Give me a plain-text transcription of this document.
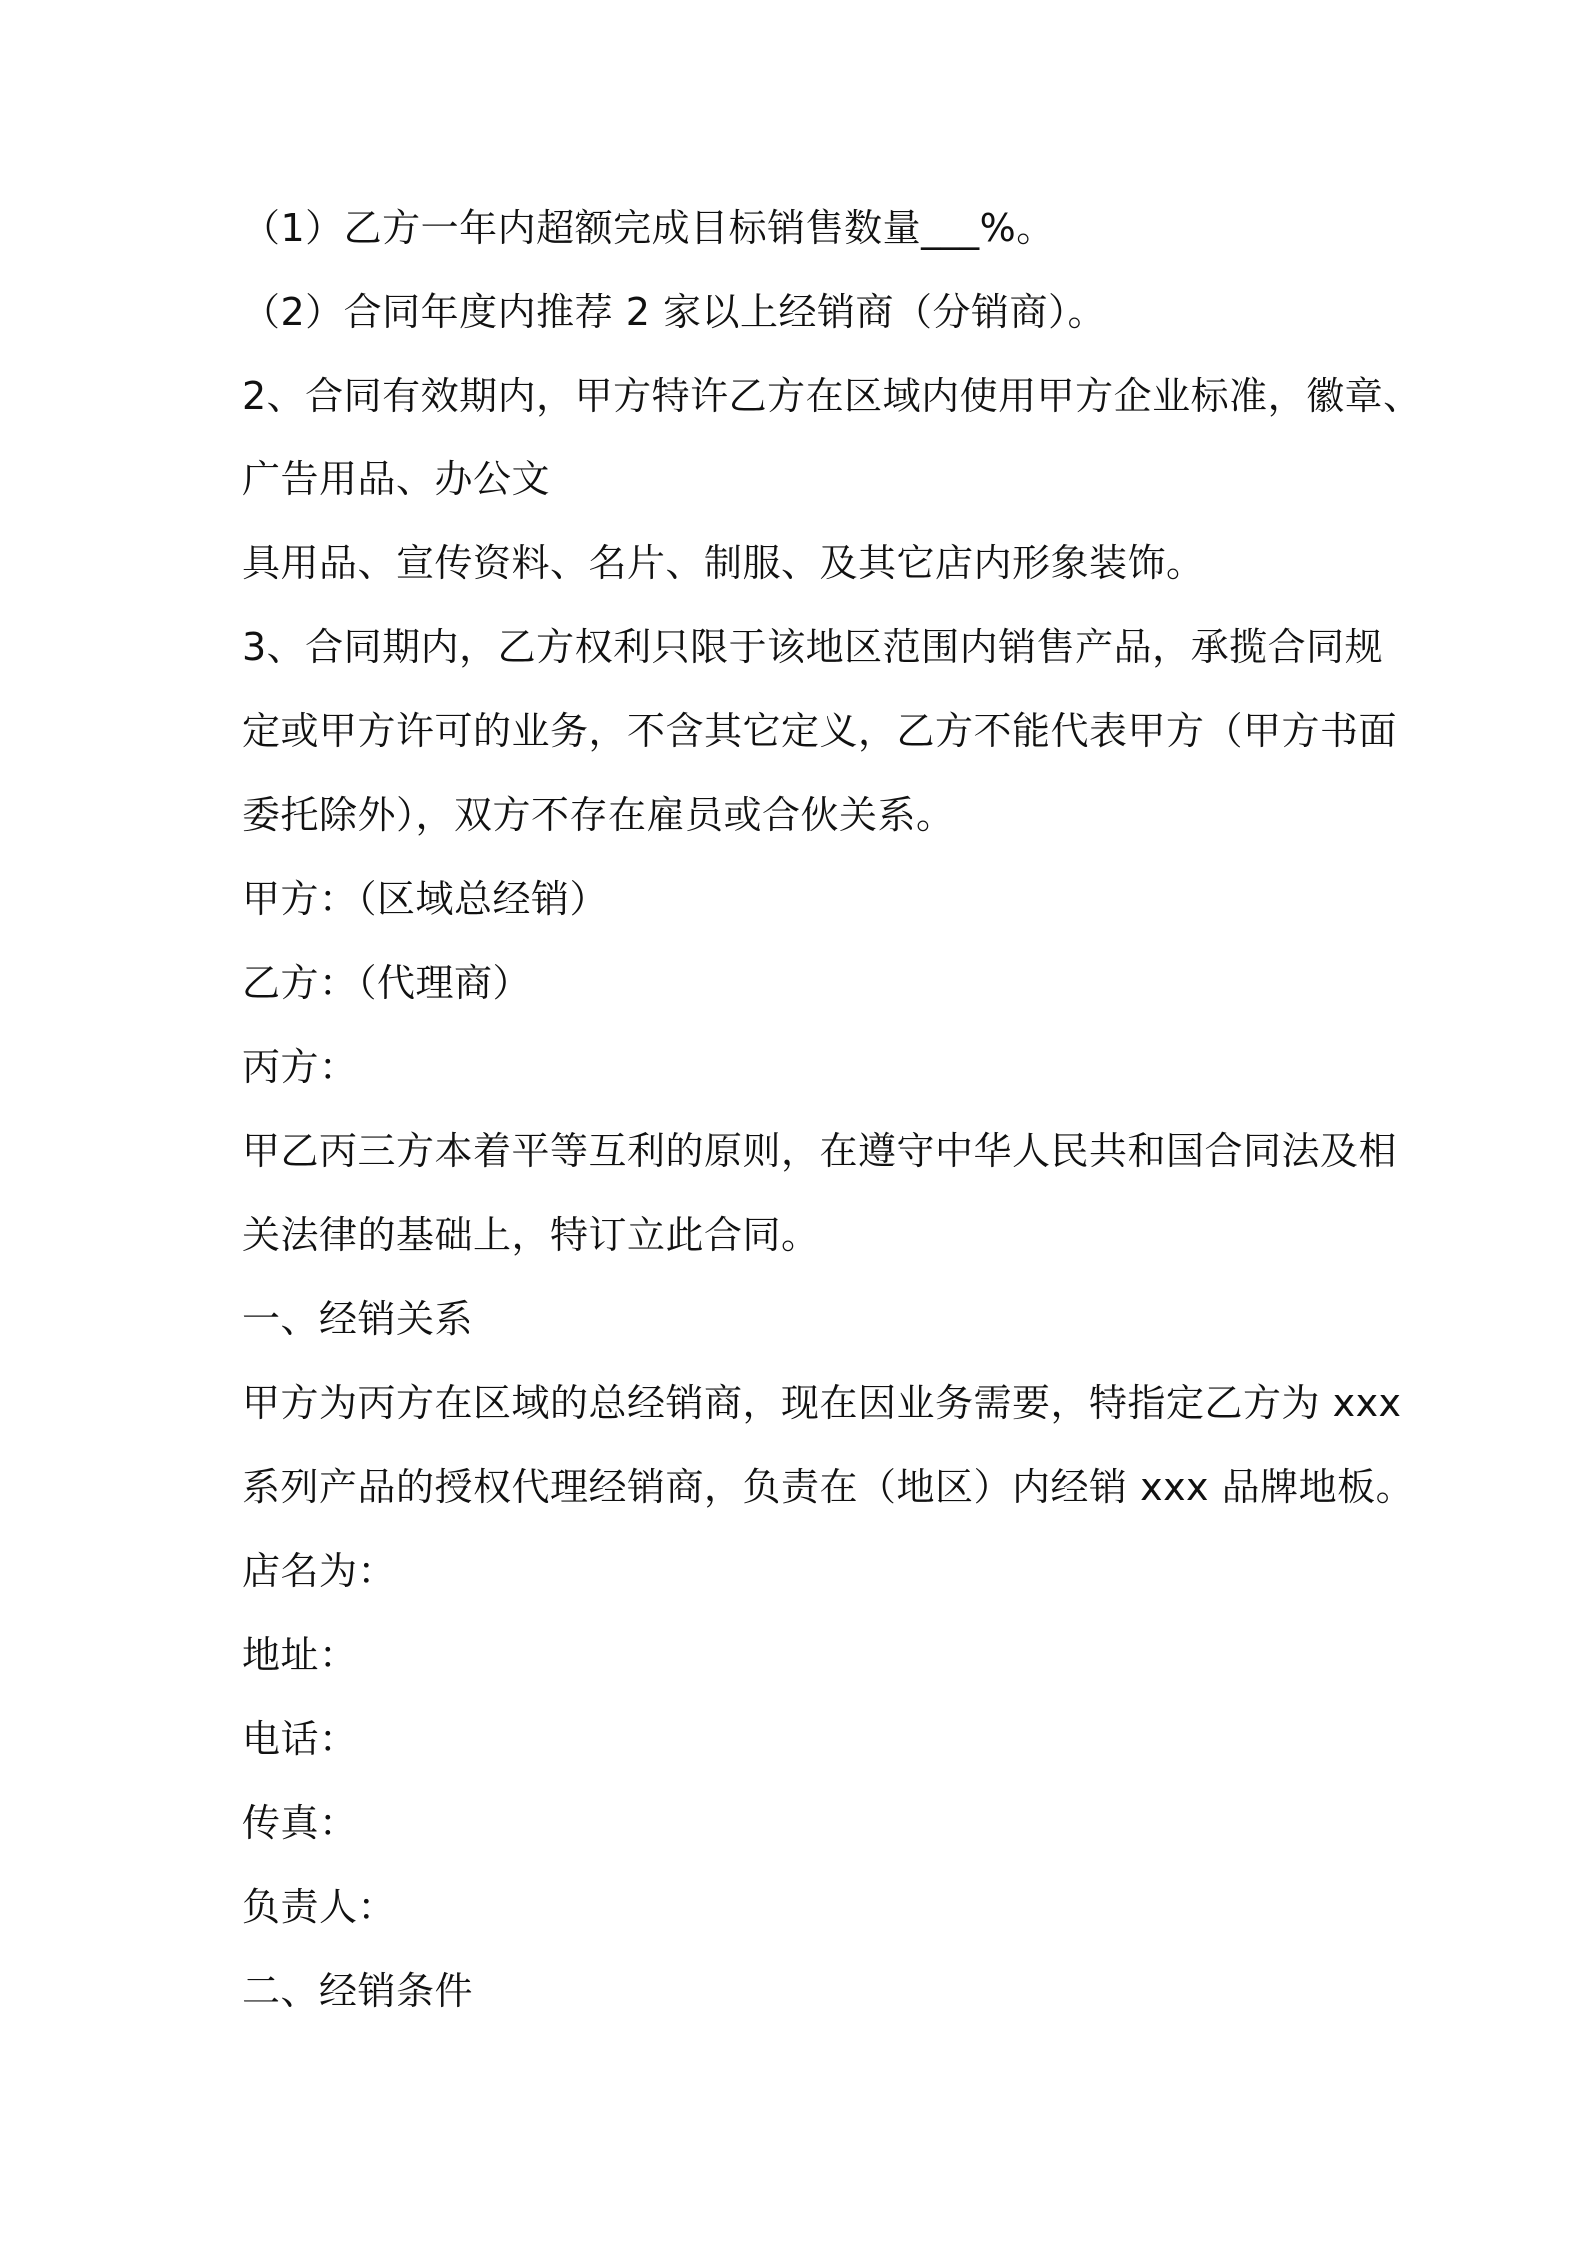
（1）乙方一年内超额完成目标销售数量___%。

（2）合同年度内推荐 2 家以上经销商（分销商）。

2、合同有效期内，甲方特许乙方在区域内使用甲方企业标准，徽章、

广告用品、办公文

具用品、宣传资料、名片、制服、及其它店内形象装饰。

3、合同期内，乙方权利只限于该地区范围内销售产品，承揽合同规

定或甲方许可的业务，不含其它定义，乙方不能代表甲方（甲方书面

委托除外），双方不存在雇员或合伙关系。

甲方：（区域总经销）

乙方：（代理商）

丙方：

甲乙丙三方本着平等互利的原则，在遵守中华人民共和国合同法及相

关法律的基础上，特订立此合同。

一、经销关系

甲方为丙方在区域的总经销商，现在因业务需要，特指定乙方为 xxx

系列产品的授权代理经销商，负责在（地区）内经销 xxx 品牌地板。

店名为：

地址：

电话：

传真：

负责人：

二、经销条件
